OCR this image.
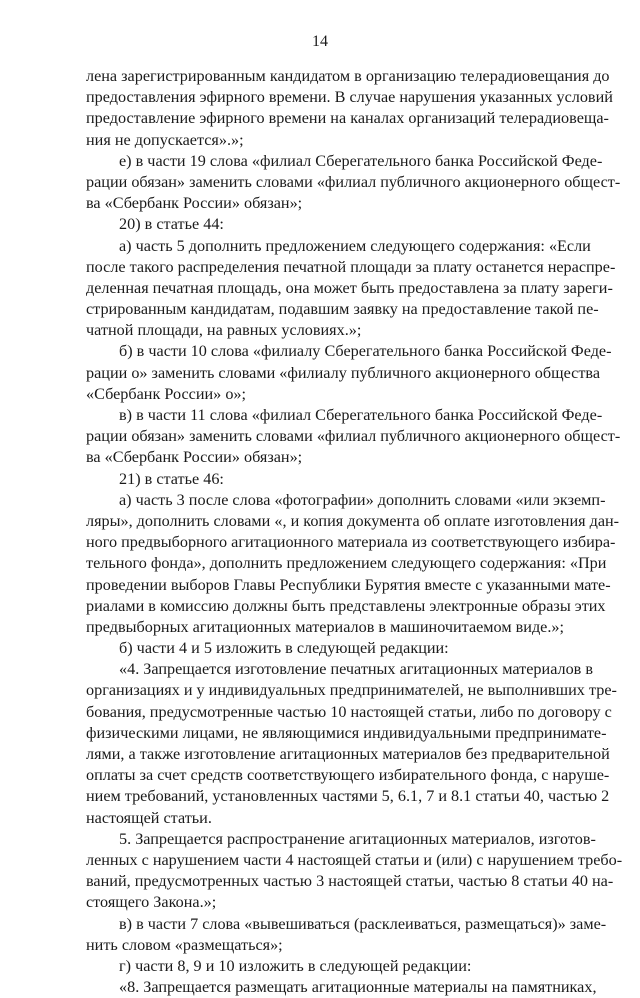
14
лена зарегистрированным кандидатом в организацию телерадиовещания до
предоставления эфирного времени. В случае нарушения указанных условий
предоставление эфирного времени на каналах организаций телерадиовеща-
ния не допускается».»;
е) в части 19 слова «филиал Сберегательного банка Российской Феде-
рации обязан» заменить словами «филиал публичного акционерного общест-
ва «Сбербанк России» обязан»;
20) в статье 44:
а) часть 5 дополнить предложением следующего содержания: «Если
после такого распределения печатной площади за плату останется нераспре-
деленная печатная площадь, она может быть предоставлена за плату зареги-
стрированным кандидатам, подавшим заявку на предоставление такой пе-
чатной площади, на равных условиях.»;
б) в части 10 слова «филиалу Сберегательного банка Российской Феде-
рации о» заменить словами «филиалу публичного акционерного общества
«Сбербанк России» о»;
в) в части 11 слова «филиал Сберегательного банка Российской Феде-
рации обязан» заменить словами «филиал публичного акционерного общест-
ва «Сбербанк России» обязан»;
21) в статье 46:
а) часть 3 после слова «фотографии» дополнить словами «или экземп-
ляры», дополнить словами «, и копия документа об оплате изготовления дан-
ного предвыборного агитационного материала из соответствующего избира-
тельного фонда», дополнить предложением следующего содержания: «При
проведении выборов Главы Республики Бурятия вместе с указанными мате-
риалами в комиссию должны быть представлены электронные образы этих
предвыборных агитационных материалов в машиночитаемом виде.»;
б) части 4 и 5 изложить в следующей редакции:
«4. Запрещается изготовление печатных агитационных материалов в
организациях и у индивидуальных предпринимателей, не выполнивших тре-
бования, предусмотренные частью 10 настоящей статьи, либо по договору с
физическими лицами, не являющимися индивидуальными предпринимате-
лями, а также изготовление агитационных материалов без предварительной
оплаты за счет средств соответствующего избирательного фонда, с наруше-
нием требований, установленных частями 5, 6.1, 7 и 8.1 статьи 40, частью 2
настоящей статьи.
5. Запрещается распространение агитационных материалов, изготов-
ленных с нарушением части 4 настоящей статьи и (или) с нарушением требо-
ваний, предусмотренных частью 3 настоящей статьи, частью 8 статьи 40 на-
стоящего Закона.»;
в) в части 7 слова «вывешиваться (расклеиваться, размещаться)» заме-
нить словом «размещаться»;
г) части 8, 9 и 10 изложить в следующей редакции:
«8. Запрещается размещать агитационные материалы на памятниках,
